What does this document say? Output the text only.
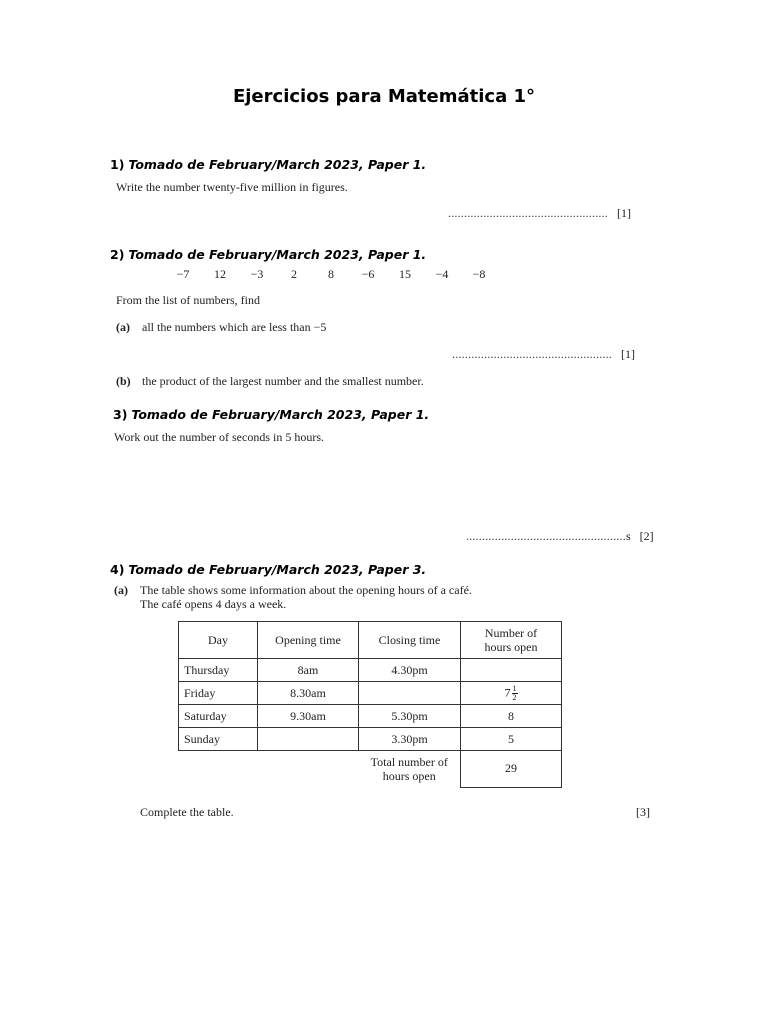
Ejercicios para Matemática 1°
1) Tomado de February/March 2023, Paper 1.
Write the number twenty-five million in figures.
.................................................. [1]
2) Tomado de February/March 2023, Paper 1.
−7 12 −3 2	8 −6 15 −4 −8
From the list of numbers, find
(a) all the numbers which are less than −5
.................................................. [1]
(b) the product of the largest number and the smallest number.
3) Tomado de February/March 2023, Paper 1.
Work out the number of seconds in 5 hours.
..................................................s [2]
4) Tomado de February/March 2023, Paper 3.
(a) The table shows some information about the opening hours of a café.
The café opens 4 days a week.
Day	Opening time	Closing time	Number of hours open
Thursday	8am	4.30pm	
Friday	8.30am		$7 \frac{1}{2}$

Saturday	9.30am	5.30pm	8
Sunday		3.30pm	5
		Total number of hours open	29
Complete the table.	[3]
